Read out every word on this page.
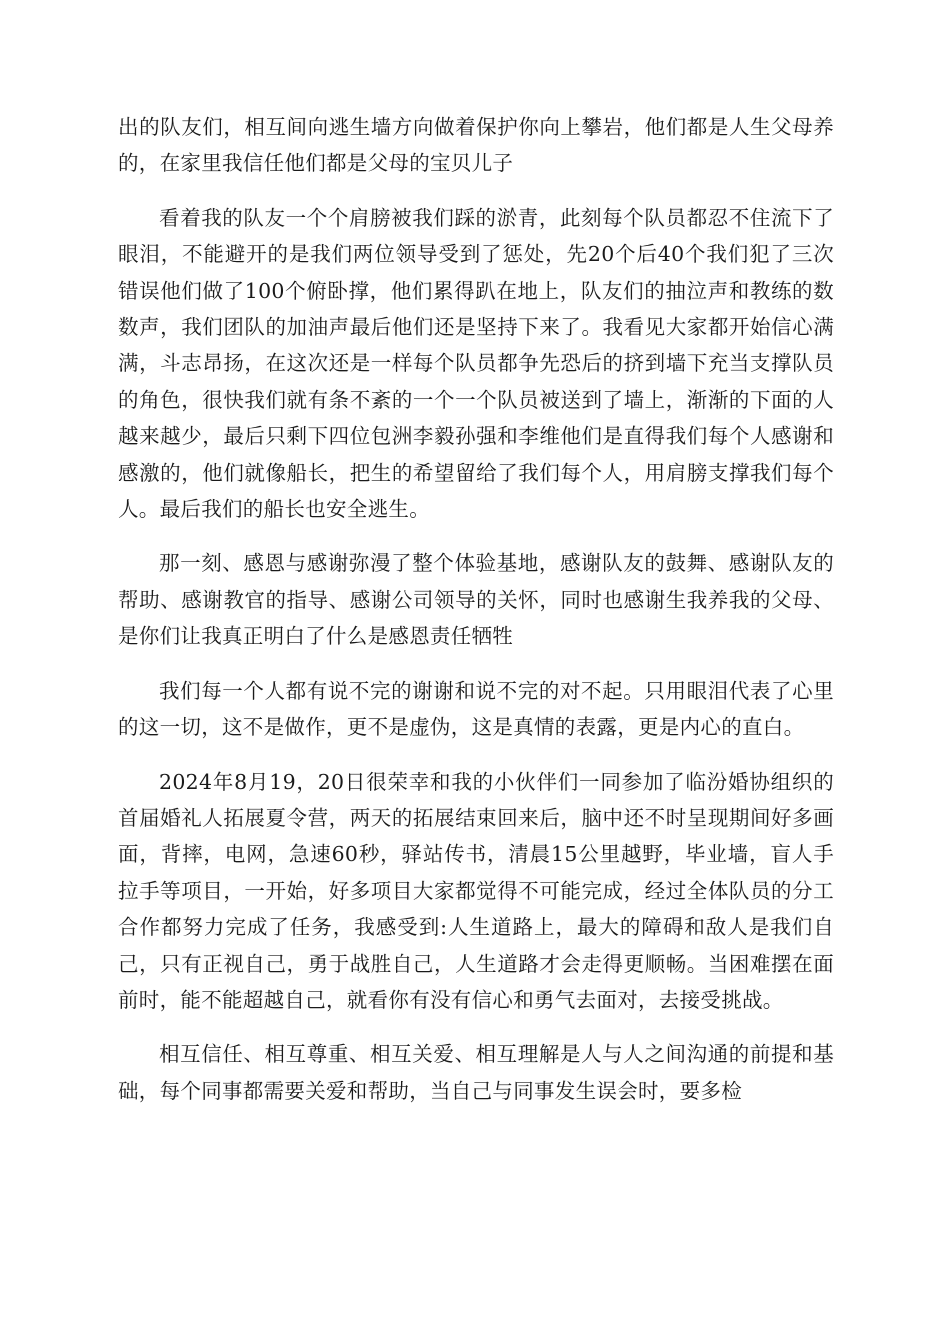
出的队友们，相互间向逃生墙方向做着保护你向上攀岩，他们都是人生父母养的，在家里我信任他们都是父母的宝贝儿子

看着我的队友一个个肩膀被我们踩的淤青，此刻每个队员都忍不住流下了眼泪，不能避开的是我们两位领导受到了惩处，先20个后40个我们犯了三次错误他们做了100个俯卧撑，他们累得趴在地上，队友们的抽泣声和教练的数数声，我们团队的加油声最后他们还是坚持下来了。我看见大家都开始信心满满，斗志昂扬，在这次还是一样每个队员都争先恐后的挤到墙下充当支撑队员的角色，很快我们就有条不紊的一个一个队员被送到了墙上，渐渐的下面的人越来越少，最后只剩下四位包洲李毅孙强和李维他们是直得我们每个人感谢和感激的，他们就像船长，把生的希望留给了我们每个人，用肩膀支撑我们每个人。最后我们的船长也安全逃生。

那一刻、感恩与感谢弥漫了整个体验基地，感谢队友的鼓舞、感谢队友的帮助、感谢教官的指导、感谢公司领导的关怀，同时也感谢生我养我的父母、是你们让我真正明白了什么是感恩责任牺牲

我们每一个人都有说不完的谢谢和说不完的对不起。只用眼泪代表了心里的这一切，这不是做作，更不是虚伪，这是真情的表露，更是内心的直白。

2024年8月19，20日很荣幸和我的小伙伴们一同参加了临汾婚协组织的首届婚礼人拓展夏令营，两天的拓展结束回来后，脑中还不时呈现期间好多画面，背摔，电网，急速60秒，驿站传书，清晨15公里越野，毕业墙，盲人手拉手等项目，一开始，好多项目大家都觉得不可能完成，经过全体队员的分工合作都努力完成了任务，我感受到:人生道路上，最大的障碍和敌人是我们自己，只有正视自己，勇于战胜自己，人生道路才会走得更顺畅。当困难摆在面前时，能不能超越自己，就看你有没有信心和勇气去面对，去接受挑战。

相互信任、相互尊重、相互关爱、相互理解是人与人之间沟通的前提和基础，每个同事都需要关爱和帮助，当自己与同事发生误会时，要多检
